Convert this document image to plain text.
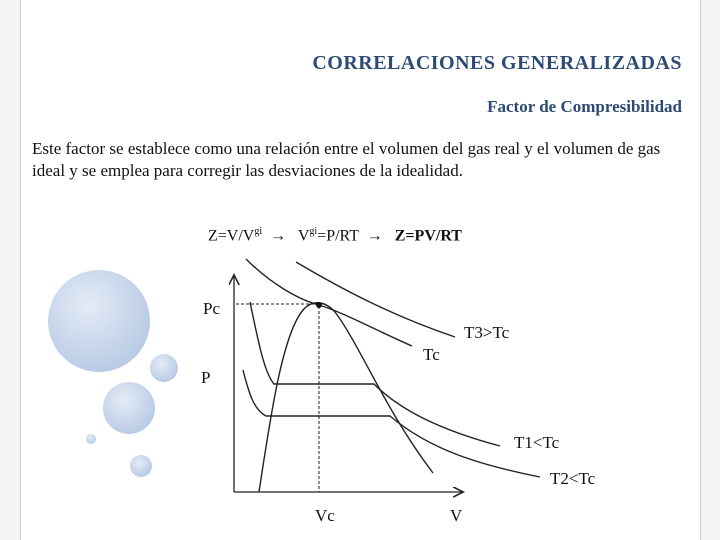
CORRELACIONES GENERALIZADAS
Factor de Compresibilidad
Este factor se establece como una relación entre el volumen del gas real y el volumen de gas ideal y se emplea para corregir las desviaciones de la idealidad.
$Z=V/V^{gi} \to V^{gi}=P/RT \to Z=PV/RT$
Pc
P
Vc	V
T3>Tc
Tc
T1<Tc
T2<Tc
